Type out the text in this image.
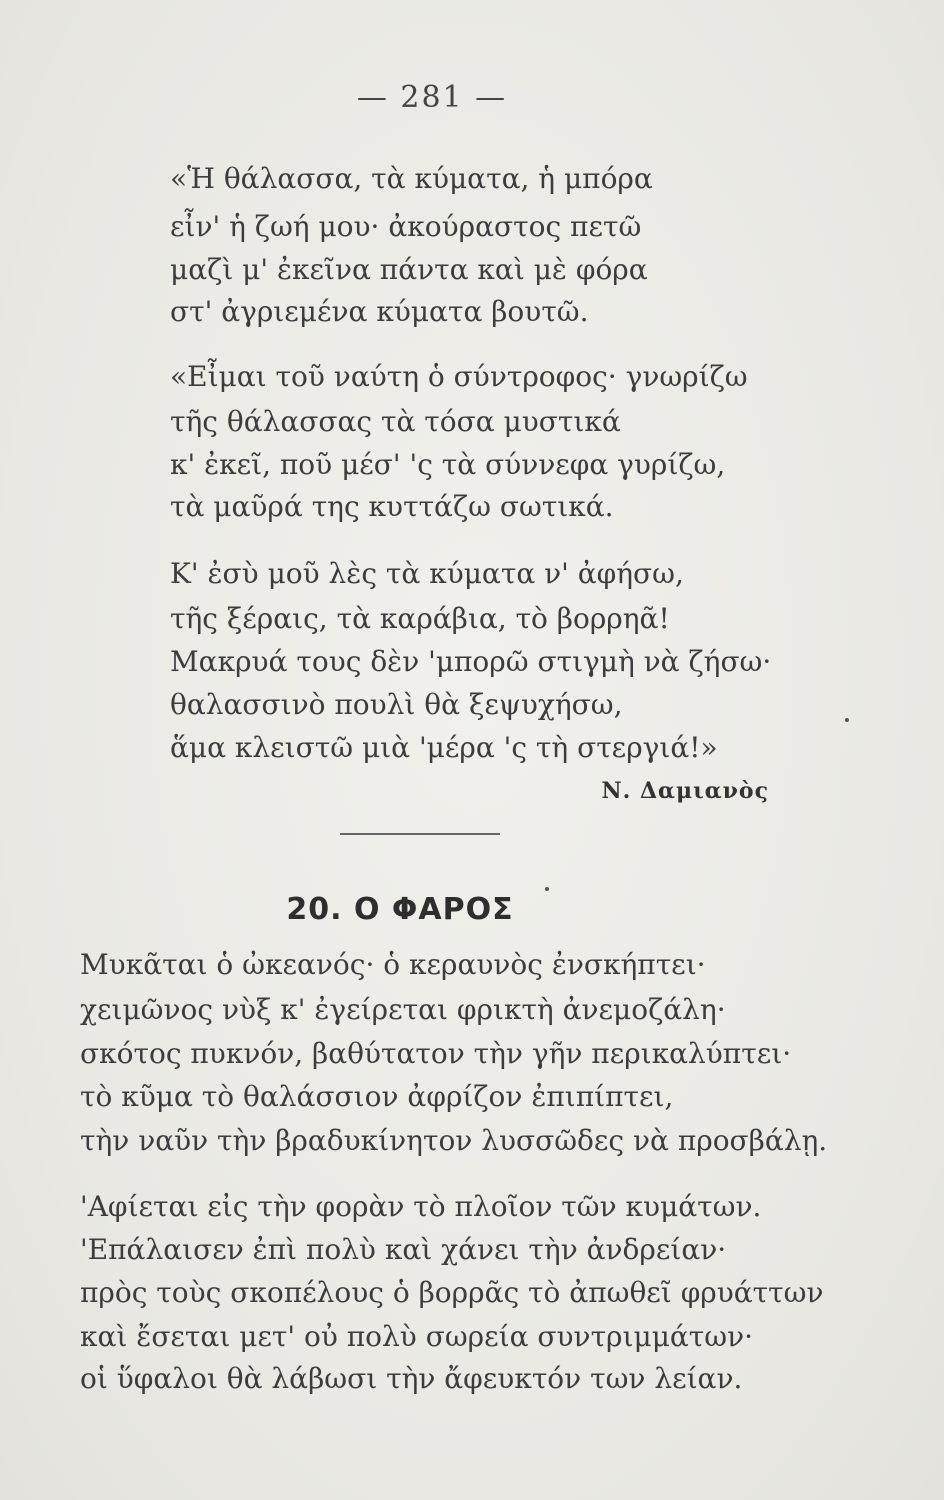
— 281 —
«Ἡ θάλασσα, τὰ κύματα, ἡ μπόρα
εἶν' ἡ ζωή μου· ἀκούραστος πετῶ
μαζὶ μ' ἐκεῖνα πάντα καὶ μὲ φόρα
στ' ἀγριεμένα κύματα βουτῶ.
«Εἶμαι τοῦ ναύτη ὁ σύντροφος· γνωρίζω
τῆς θάλασσας τὰ τόσα μυστικά
κ' ἐκεῖ, ποῦ μέσ' 'ς τὰ σύννεφα γυρίζω,
τὰ μαῦρά της κυττάζω σωτικά.
Κ' ἐσὺ μοῦ λὲς τὰ κύματα ν' ἀφήσω,
τῆς ξέραις, τὰ καράβια, τὸ βορρηᾶ!
Μακρυά τους δὲν 'μπορῶ στιγμὴ νὰ ζήσω·
θαλασσινὸ πουλὶ θὰ ξεψυχήσω,
ἅμα κλειστῶ μιὰ 'μέρα 'ς τὴ στεργιά!»
Ν. Δαμιανὸς
20. Ο ΦΑΡΟΣ
Μυκᾶται ὁ ὠκεανός· ὁ κεραυνὸς ἐνσκήπτει·
χειμῶνος νὺξ κ' ἐγείρεται φρικτὴ ἀνεμοζάλη·
σκότος πυκνόν, βαθύτατον τὴν γῆν περικαλύπτει·
τὸ κῦμα τὸ θαλάσσιον ἀφρίζον ἐπιπίπτει,
τὴν ναῦν τὴν βραδυκίνητον λυσσῶδες νὰ προσβάλῃ.
'Αφίεται εἰς τὴν φορὰν τὸ πλοῖον τῶν κυμάτων.
'Επάλαισεν ἐπὶ πολὺ καὶ χάνει τὴν ἀνδρείαν·
πρὸς τοὺς σκοπέλους ὁ βορρᾶς τὸ ἀπωθεῖ φρυάττων
καὶ ἔσεται μετ' οὐ πολὺ σωρεία συντριμμάτων·
οἱ ὕφαλοι θὰ λάβωσι τὴν ἄφευκτόν των λείαν.
